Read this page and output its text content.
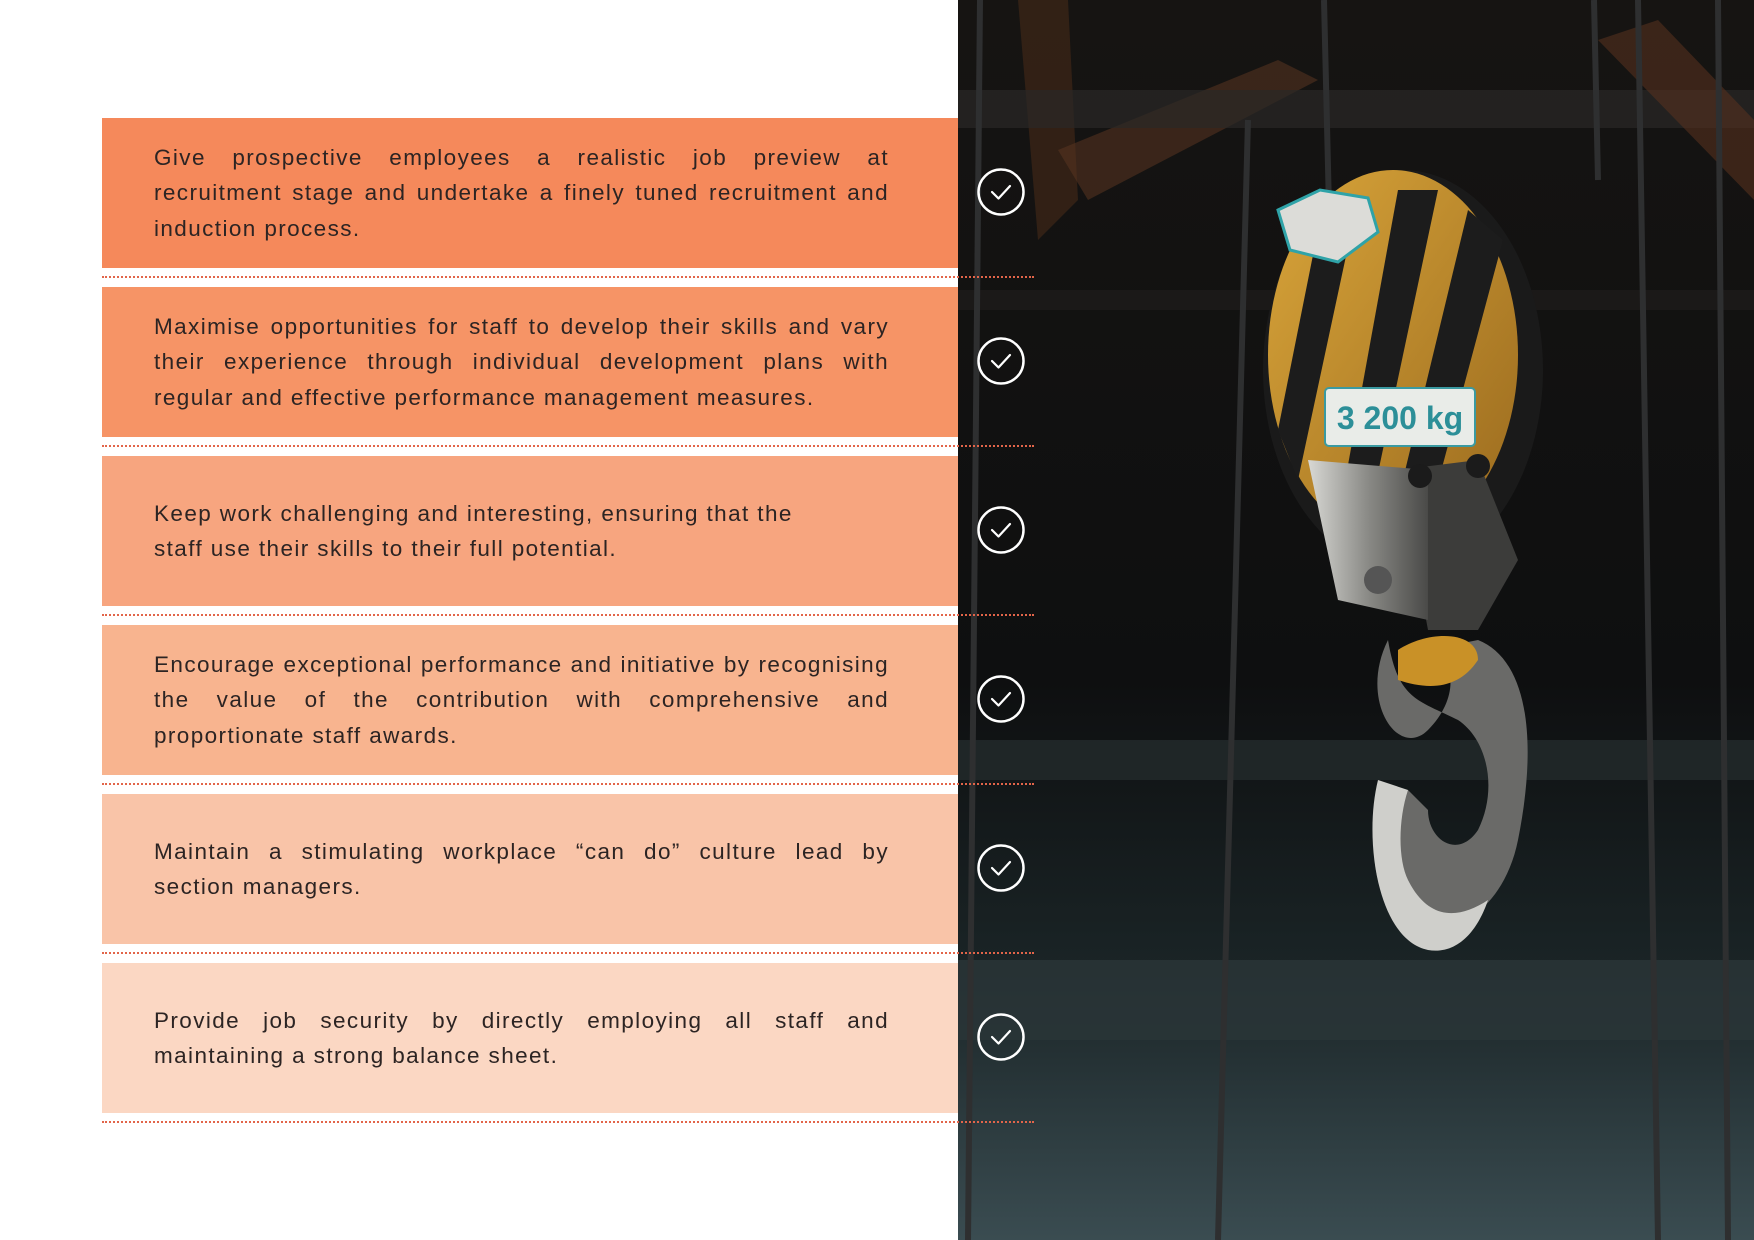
3 200 kg

Give prospective employees a realistic job preview at recruitment stage and undertake a finely tuned recruitment and induction process.

Maximise opportunities for staff to develop their skills and vary their experience through individual development plans with regular and effective performance management measures.

Keep work challenging and interesting, ensuring that the staff use their skills to their full potential.

Encourage exceptional performance and initiative by recognising the value of the contribution with comprehensive and proportionate staff awards.

Maintain a stimulating workplace “can do” culture lead by section managers.

Provide job security by directly employing all staff and maintaining a strong balance sheet.
